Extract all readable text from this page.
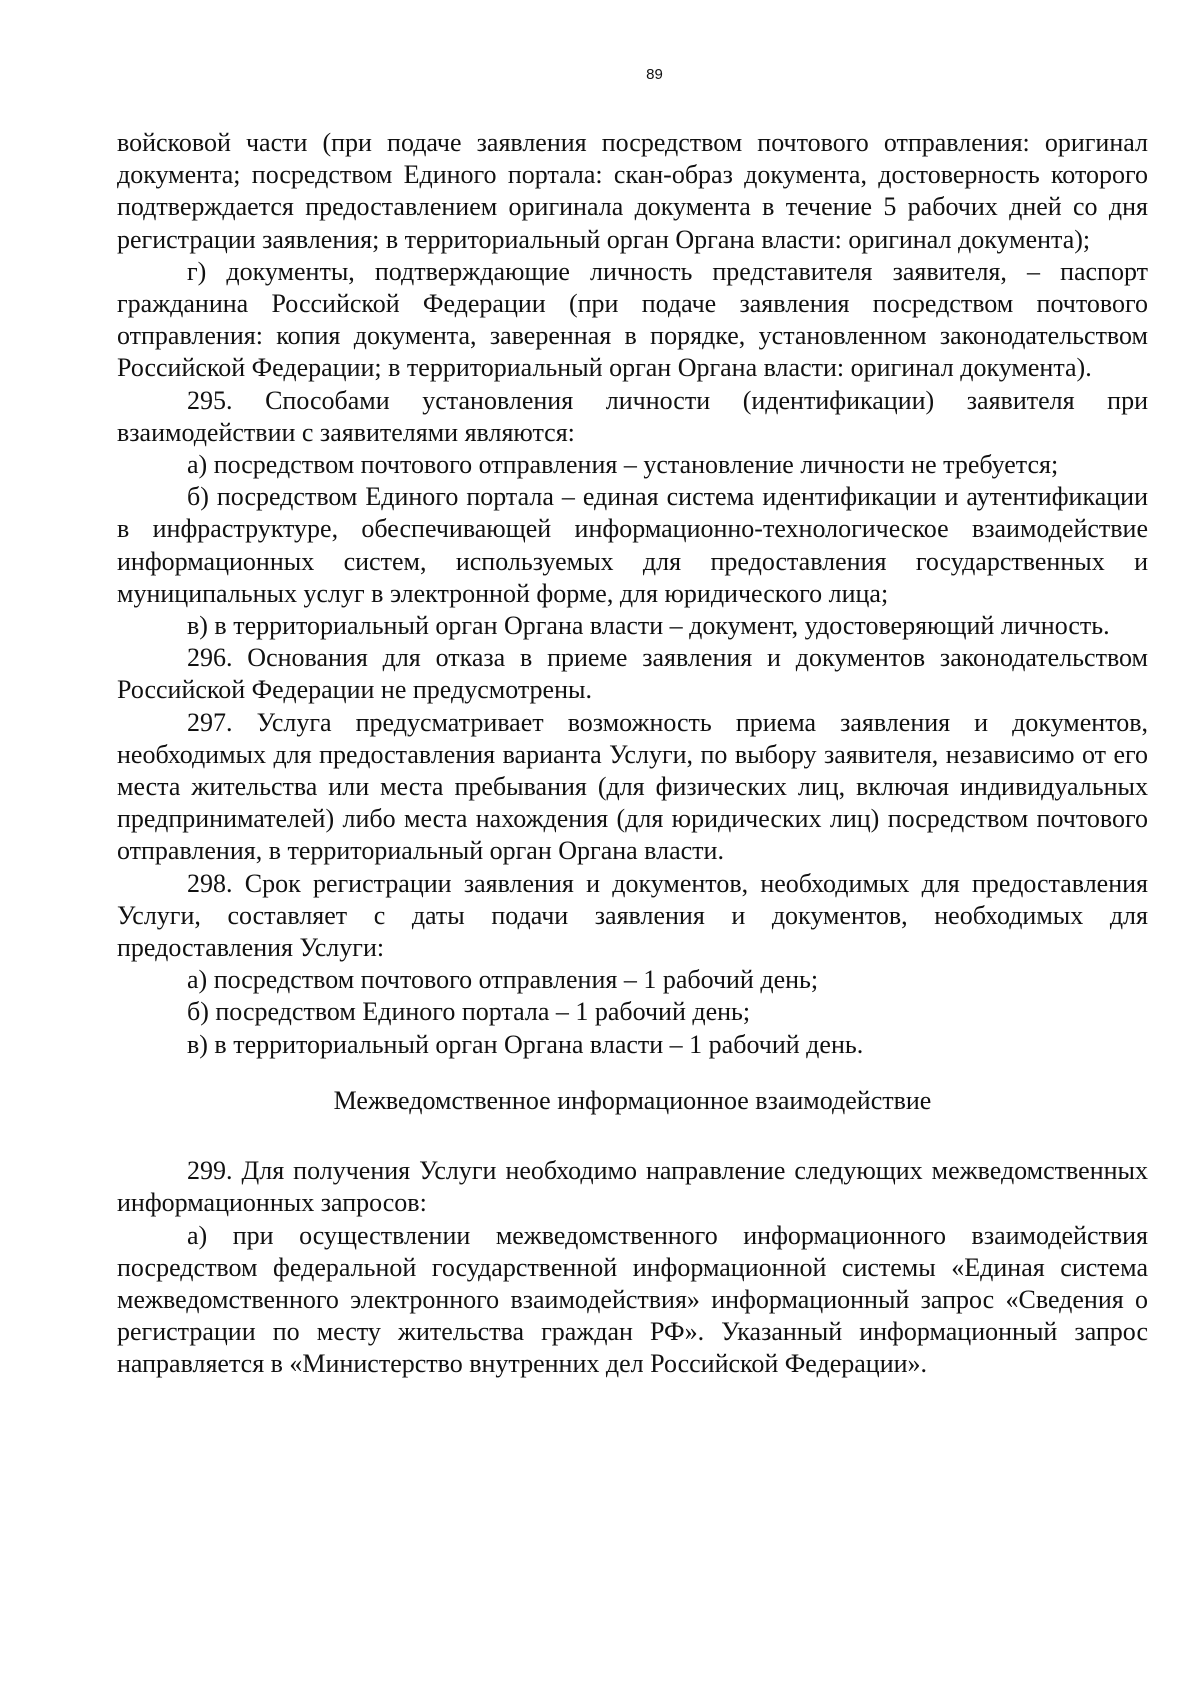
89

войсковой части (при подаче заявления посредством почтового отправления: оригинал документа; посредством Единого портала: скан-образ документа, достоверность которого подтверждается предоставлением оригинала документа в течение 5 рабочих дней со дня регистрации заявления; в территориальный орган Органа власти: оригинал документа);

г) документы, подтверждающие личность представителя заявителя, – паспорт гражданина Российской Федерации (при подаче заявления посредством почтового отправления: копия документа, заверенная в порядке, установленном законодательством Российской Федерации; в территориальный орган Органа власти: оригинал документа).

295. Способами установления личности (идентификации) заявителя при взаимодействии с заявителями являются:

а) посредством почтового отправления – установление личности не требуется;

б) посредством Единого портала – единая система идентификации и аутентификации в инфраструктуре, обеспечивающей информационно-технологическое взаимодействие информационных систем, используемых для предоставления государственных и муниципальных услуг в электронной форме, для юридического лица;

в) в территориальный орган Органа власти – документ, удостоверяющий личность.

296. Основания для отказа в приеме заявления и документов законодательством Российской Федерации не предусмотрены.

297. Услуга предусматривает возможность приема заявления и документов, необходимых для предоставления варианта Услуги, по выбору заявителя, независимо от его места жительства или места пребывания (для физических лиц, включая индивидуальных предпринимателей) либо места нахождения (для юридических лиц) посредством почтового отправления, в территориальный орган Органа власти.

298. Срок регистрации заявления и документов, необходимых для предоставления Услуги, составляет с даты подачи заявления и документов, необходимых для предоставления Услуги:

а) посредством почтового отправления – 1 рабочий день;

б) посредством Единого портала – 1 рабочий день;

в) в территориальный орган Органа власти – 1 рабочий день.

Межведомственное информационное взаимодействие

299. Для получения Услуги необходимо направление следующих межведомственных информационных запросов:

а) при осуществлении межведомственного информационного взаимодействия посредством федеральной государственной информационной системы «Единая система межведомственного электронного взаимодействия» информационный запрос «Сведения о регистрации по месту жительства граждан РФ». Указанный информационный запрос направляется в «Министерство внутренних дел Российской Федерации».
